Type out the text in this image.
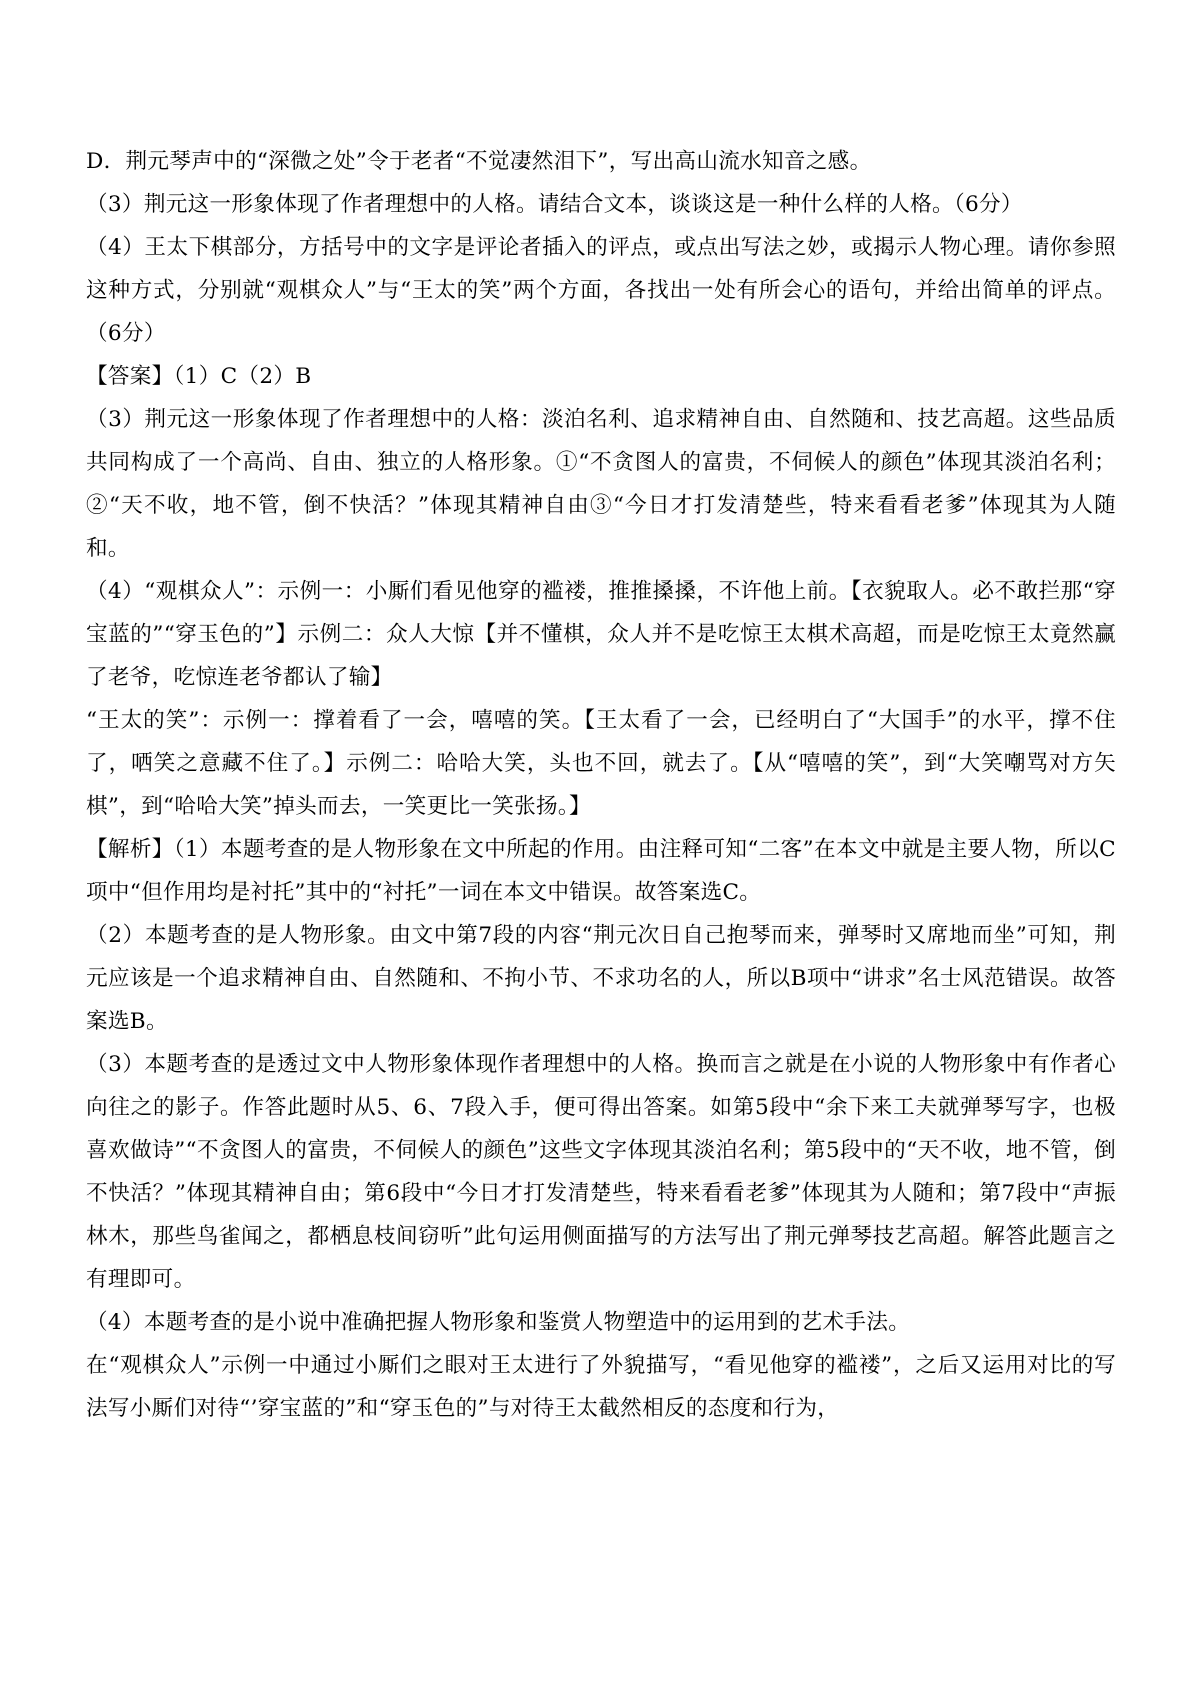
D．荆元琴声中的“深微之处”令于老者“不觉凄然泪下”，写出高山流水知音之感。

（3）荆元这一形象体现了作者理想中的人格。请结合文本，谈谈这是一种什么样的人格。（6分）

（4）王太下棋部分，方括号中的文字是评论者插入的评点，或点出写法之妙，或揭示人物心理。请你参照这种方式，分别就“观棋众人”与“王太的笑”两个方面，各找出一处有所会心的语句，并给出简单的评点。（6分）

【答案】（1）C（2）B

（3）荆元这一形象体现了作者理想中的人格：淡泊名利、追求精神自由、自然随和、技艺高超。这些品质共同构成了一个高尚、自由、独立的人格形象。①“不贪图人的富贵，不伺候人的颜色”体现其淡泊名利；②“天不收，地不管，倒不快活？”体现其精神自由③“今日才打发清楚些，特来看看老爹”体现其为人随和。

（4）“观棋众人”：示例一：小厮们看见他穿的褴褛，推推搡搡，不许他上前。【衣貌取人。必不敢拦那“穿宝蓝的”“穿玉色的”】示例二：众人大惊【并不懂棋，众人并不是吃惊王太棋术高超，而是吃惊王太竟然赢了老爷，吃惊连老爷都认了输】

“王太的笑”：示例一：撑着看了一会，嘻嘻的笑。【王太看了一会，已经明白了“大国手”的水平，撑不住了，哂笑之意藏不住了。】示例二：哈哈大笑，头也不回，就去了。【从“嘻嘻的笑”，到“大笑嘲骂对方矢棋”，到“哈哈大笑”掉头而去，一笑更比一笑张扬。】

【解析】（1）本题考查的是人物形象在文中所起的作用。由注释可知“二客”在本文中就是主要人物，所以C项中“但作用均是衬托”其中的“衬托”一词在本文中错误。故答案选C。

（2）本题考查的是人物形象。由文中第7段的内容“荆元次日自己抱琴而来，弹琴时又席地而坐”可知，荆元应该是一个追求精神自由、自然随和、不拘小节、不求功名的人，所以B项中“讲求”名士风范错误。故答案选B。

（3）本题考查的是透过文中人物形象体现作者理想中的人格。换而言之就是在小说的人物形象中有作者心向往之的影子。作答此题时从5、6、7段入手，便可得出答案。如第5段中“余下来工夫就弹琴写字，也极喜欢做诗”“不贪图人的富贵，不伺候人的颜色”这些文字体现其淡泊名利；第5段中的“天不收，地不管，倒不快活？”体现其精神自由；第6段中“今日才打发清楚些，特来看看老爹”体现其为人随和；第7段中“声振林木，那些鸟雀闻之，都栖息枝间窃听”此句运用侧面描写的方法写出了荆元弹琴技艺高超。解答此题言之有理即可。

（4）本题考查的是小说中准确把握人物形象和鉴赏人物塑造中的运用到的艺术手法。

在“观棋众人”示例一中通过小厮们之眼对王太进行了外貌描写，“看见他穿的褴褛”，之后又运用对比的写法写小厮们对待“’穿宝蓝的”和“穿玉色的”与对待王太截然相反的态度和行为，
